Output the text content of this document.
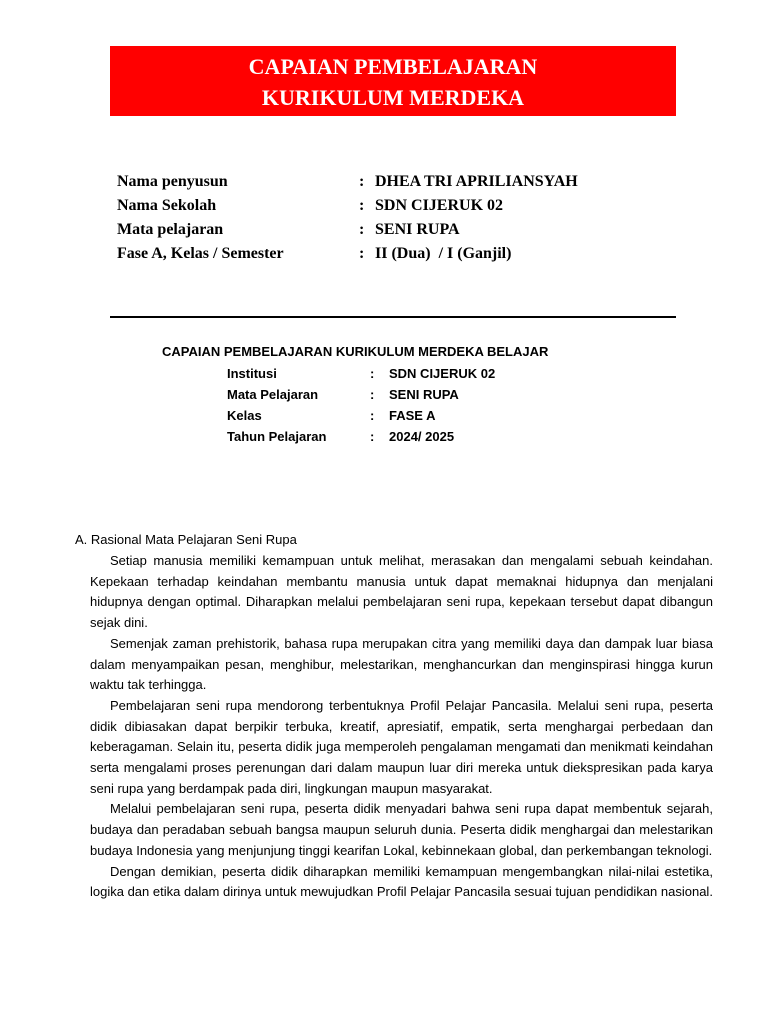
CAPAIAN PEMBELAJARAN
KURIKULUM MERDEKA
Nama penyusun	: DHEA TRI APRILIANSYAH
Nama Sekolah	: SDN CIJERUK 02
Mata pelajaran	: SENI RUPA
Fase A, Kelas / Semester	: II (Dua)  / I (Ganjil)
CAPAIAN PEMBELAJARAN KURIKULUM MERDEKA BELAJAR
Institusi	:	SDN CIJERUK 02
Mata Pelajaran	:	SENI RUPA
Kelas	:	FASE A
Tahun Pelajaran	:	2024/ 2025
A. Rasional Mata Pelajaran Seni Rupa

Setiap manusia memiliki kemampuan untuk melihat, merasakan dan mengalami sebuah keindahan. Kepekaan terhadap keindahan membantu manusia untuk dapat memaknai hidupnya dan menjalani hidupnya dengan optimal. Diharapkan melalui pembelajaran seni rupa, kepekaan tersebut dapat dibangun sejak dini.

Semenjak zaman prehistorik, bahasa rupa merupakan citra yang memiliki daya dan dampak luar biasa dalam menyampaikan pesan, menghibur, melestarikan, menghancurkan dan menginspirasi hingga kurun waktu tak terhingga.

Pembelajaran seni rupa mendorong terbentuknya Profil Pelajar Pancasila. Melalui seni rupa, peserta didik dibiasakan dapat berpikir terbuka, kreatif, apresiatif, empatik, serta menghargai perbedaan dan keberagaman. Selain itu, peserta didik juga memperoleh pengalaman mengamati dan menikmati keindahan serta mengalami proses perenungan dari dalam maupun luar diri mereka untuk diekspresikan pada karya seni rupa yang berdampak pada diri, lingkungan maupun masyarakat.

Melalui pembelajaran seni rupa, peserta didik menyadari bahwa seni rupa dapat membentuk sejarah, budaya dan peradaban sebuah bangsa maupun seluruh dunia. Peserta didik menghargai dan melestarikan budaya Indonesia yang menjunjung tinggi kearifan Lokal, kebinnekaan global, dan perkembangan teknologi.

Dengan demikian, peserta didik diharapkan memiliki kemampuan mengembangkan nilai-nilai estetika, logika dan etika dalam dirinya untuk mewujudkan Profil Pelajar Pancasila sesuai tujuan pendidikan nasional.
